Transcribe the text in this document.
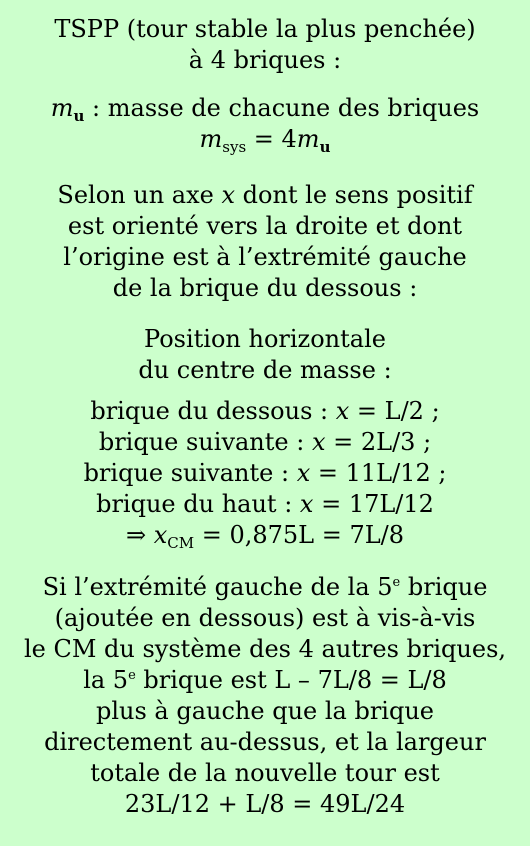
TSPP (tour stable la plus penchée)
à 4 briques :
$m_u$ : masse de chacune des briques
$m_{sys} = 4m_u$
Selon un axe x dont le sens positif
est orienté vers la droite et dont
l’origine est à l’extrémité gauche
de la brique du dessous :
Position horizontale
du centre de masse :
brique du dessous : x = L/2 ;
brique suivante : x = 2L/3 ;
brique suivante : x = 11L/12 ;
brique du haut : x = 17L/12
⇒ $x_{CM} = 0,875L = 7L/8$
Si l’extrémité gauche de la 5e brique
(ajoutée en dessous) est à vis-à-vis
le CM du système des 4 autres briques,
la 5e brique est L – 7L/8 = L/8
plus à gauche que la brique
directement au-dessus, et la largeur
totale de la nouvelle tour est
23L/12 + L/8 = 49L/24
